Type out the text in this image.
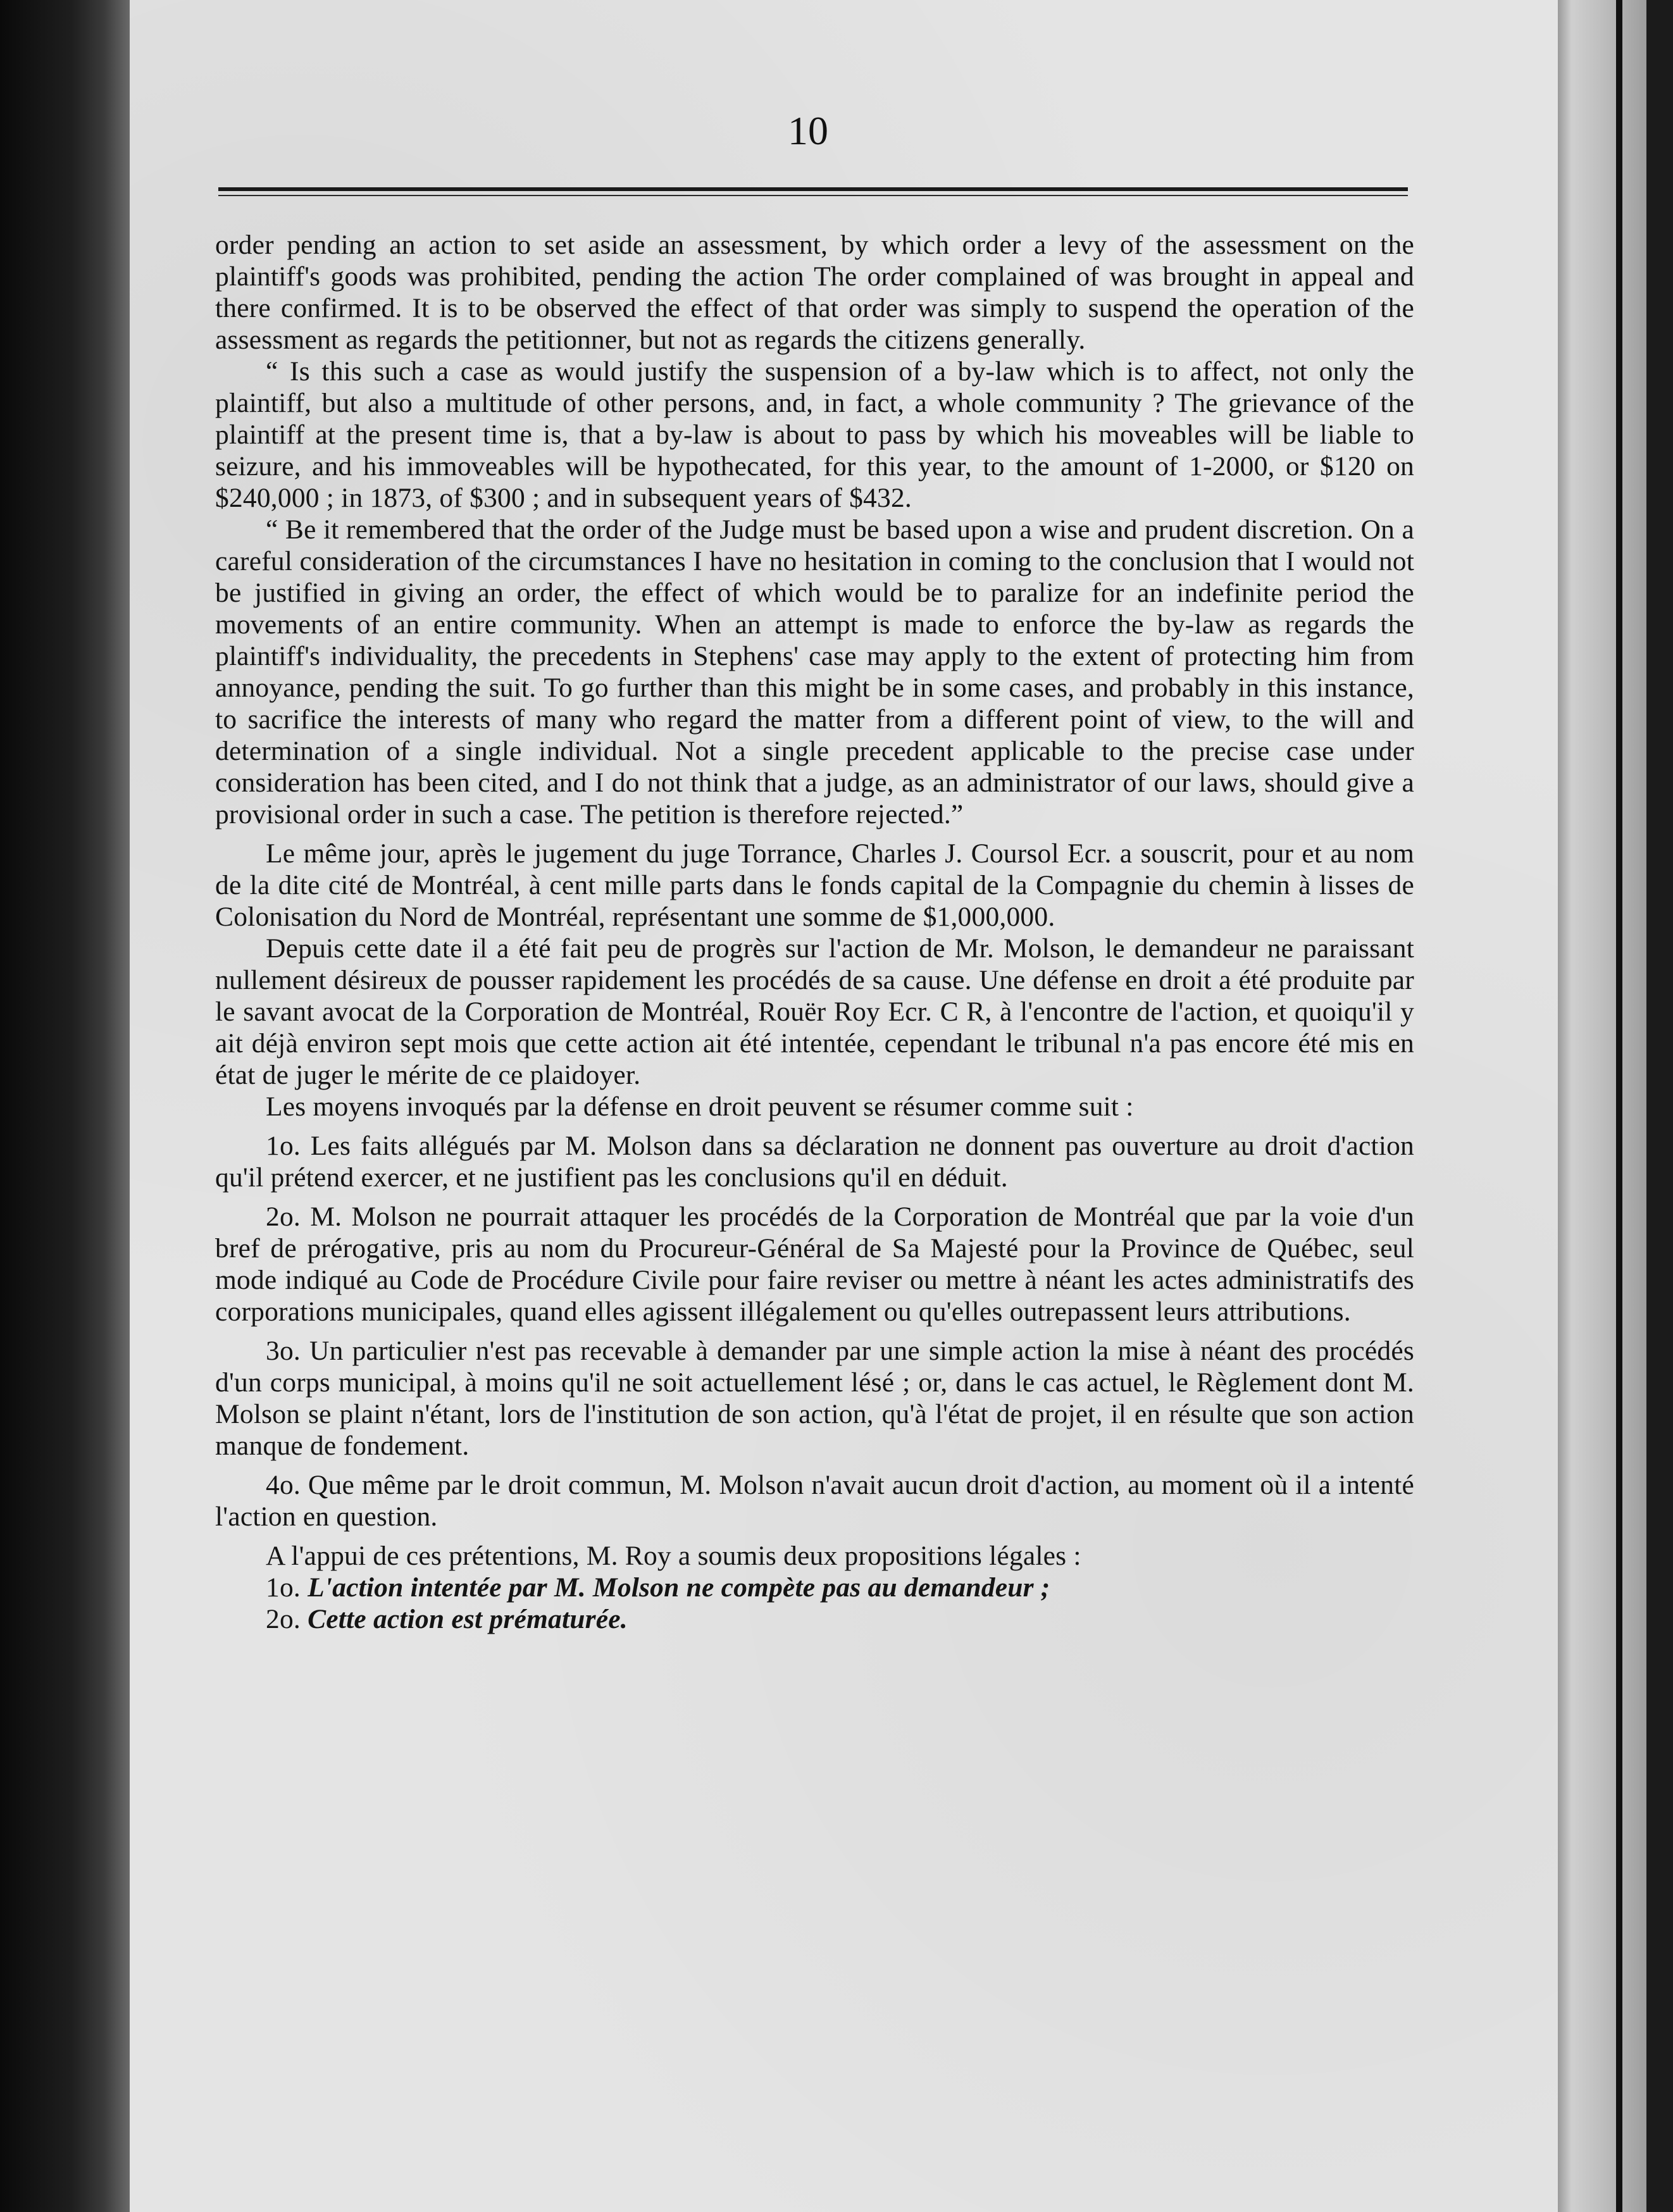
10

order pending an action to set aside an assessment, by which order a levy of the assessment on the plaintiff's goods was prohibited, pending the action The order complained of was brought in appeal and there confirmed. It is to be observed the effect of that order was simply to suspend the operation of the assessment as regards the petitionner, but not as regards the citizens generally.

“ Is this such a case as would justify the suspension of a by-law which is to affect, not only the plaintiff, but also a multitude of other persons, and, in fact, a whole community ? The grievance of the plaintiff at the present time is, that a by-law is about to pass by which his moveables will be liable to seizure, and his immoveables will be hypothecated, for this year, to the amount of 1-2000, or $120 on $240,000 ; in 1873, of $300 ; and in subsequent years of $432.

“ Be it remembered that the order of the Judge must be based upon a wise and prudent discretion. On a careful consideration of the circumstances I have no hesitation in coming to the conclusion that I would not be justified in giving an order, the effect of which would be to paralize for an indefinite period the movements of an entire community. When an attempt is made to enforce the by-law as regards the plaintiff's individuality, the precedents in Stephens' case may apply to the extent of protecting him from annoyance, pending the suit. To go further than this might be in some cases, and probably in this instance, to sacrifice the interests of many who regard the matter from a different point of view, to the will and determination of a single individual. Not a single precedent applicable to the precise case under consideration has been cited, and I do not think that a judge, as an administrator of our laws, should give a provisional order in such a case. The petition is therefore rejected.”

Le même jour, après le jugement du juge Torrance, Charles J. Coursol Ecr. a souscrit, pour et au nom de la dite cité de Montréal, à cent mille parts dans le fonds capital de la Compagnie du chemin à lisses de Colonisation du Nord de Montréal, représentant une somme de $1,000,000.

Depuis cette date il a été fait peu de progrès sur l'action de Mr. Molson, le demandeur ne paraissant nullement désireux de pousser rapidement les procédés de sa cause. Une défense en droit a été produite par le savant avocat de la Corporation de Montréal, Rouër Roy Ecr. C R, à l'encontre de l'action, et quoiqu'il y ait déjà environ sept mois que cette action ait été intentée, cependant le tribunal n'a pas encore été mis en état de juger le mérite de ce plaidoyer.

Les moyens invoqués par la défense en droit peuvent se résumer comme suit :

1o. Les faits allégués par M. Molson dans sa déclaration ne donnent pas ouverture au droit d'action qu'il prétend exercer, et ne justifient pas les conclusions qu'il en déduit.

2o. M. Molson ne pourrait attaquer les procédés de la Corporation de Montréal que par la voie d'un bref de prérogative, pris au nom du Procureur-Général de Sa Majesté pour la Province de Québec, seul mode indiqué au Code de Procédure Civile pour faire reviser ou mettre à néant les actes administratifs des corporations municipales, quand elles agissent illégalement ou qu'elles outrepassent leurs attributions.

3o. Un particulier n'est pas recevable à demander par une simple action la mise à néant des procédés d'un corps municipal, à moins qu'il ne soit actuellement lésé ; or, dans le cas actuel, le Règlement dont M. Molson se plaint n'étant, lors de l'institution de son action, qu'à l'état de projet, il en résulte que son action manque de fondement.

4o. Que même par le droit commun, M. Molson n'avait aucun droit d'action, au moment où il a intenté l'action en question.

A l'appui de ces prétentions, M. Roy a soumis deux propositions légales :

1o. L'action intentée par M. Molson ne compète pas au demandeur ;

2o. Cette action est prématurée.
